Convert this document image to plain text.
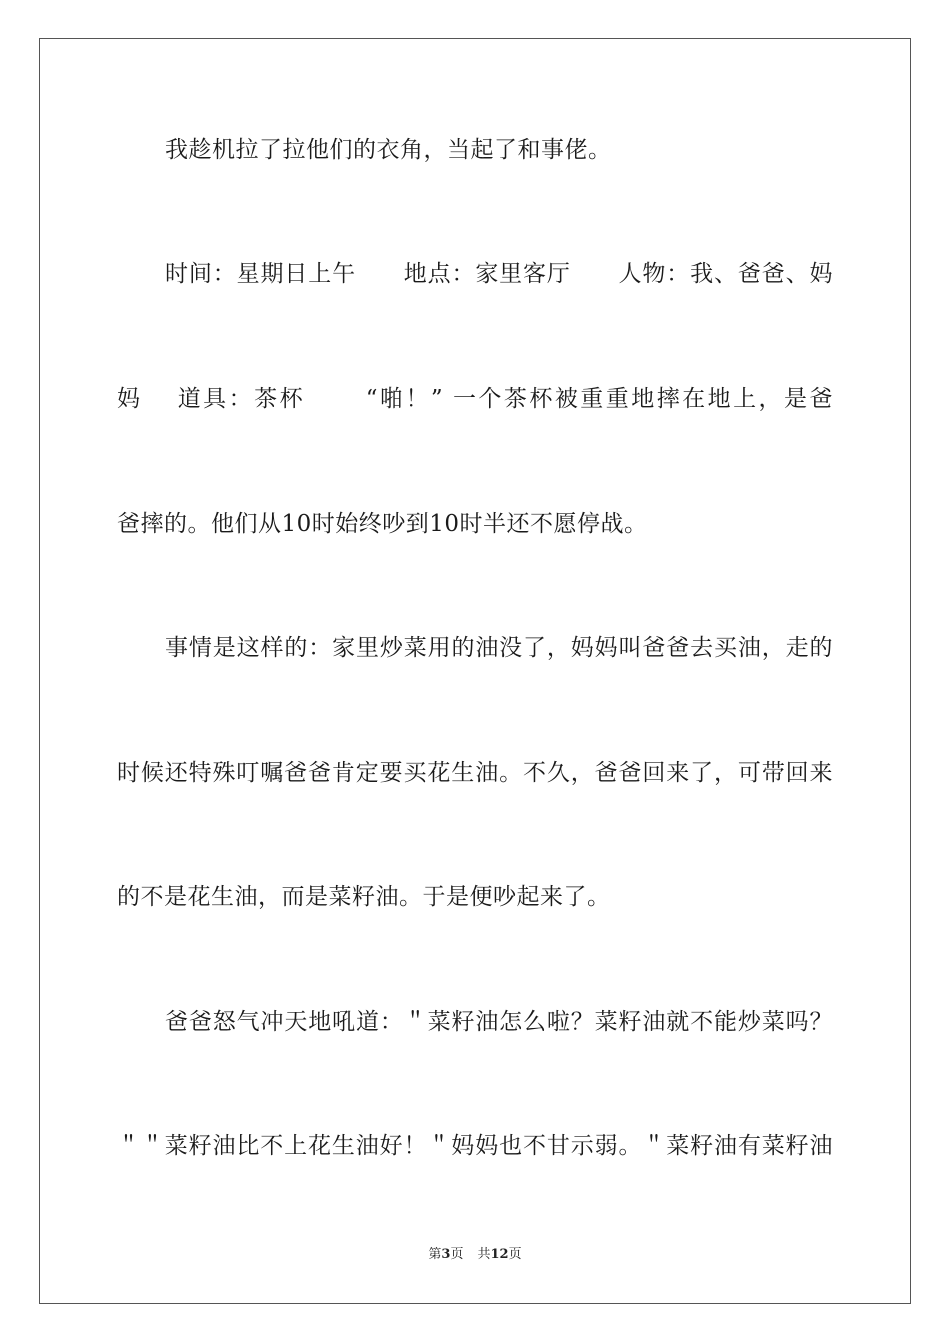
我趁机拉了拉他们的衣角，当起了和事佬。
时间：星期日上午　　地点：家里客厅　　人物：我、爸爸、妈
妈　 道具：茶杯　　 “啪！” 一个茶杯被重重地摔在地上，是爸
爸摔的。他们从10时始终吵到10时半还不愿停战。
事情是这样的：家里炒菜用的油没了，妈妈叫爸爸去买油，走的
时候还特殊叮嘱爸爸肯定要买花生油。不久，爸爸回来了，可带回来
的不是花生油，而是菜籽油。于是便吵起来了。
爸爸怒气冲天地吼道：＂菜籽油怎么啦？菜籽油就不能炒菜吗？
＂＂菜籽油比不上花生油好！＂妈妈也不甘示弱。＂菜籽油有菜籽油
第3页 共12页
